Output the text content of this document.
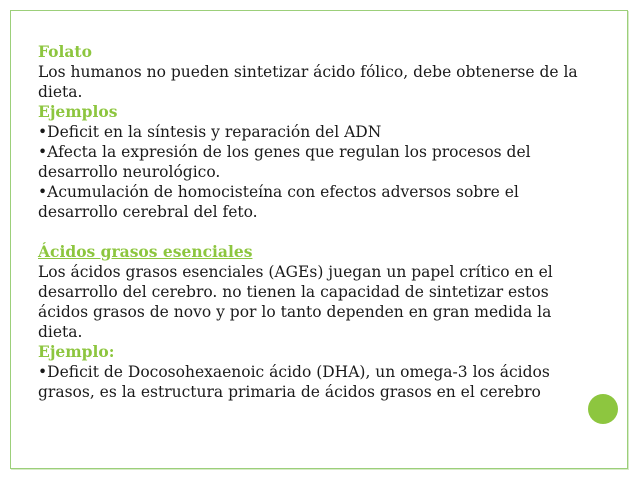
Folato

Los humanos no pueden sintetizar ácido fólico, debe obtenerse de la dieta.

Ejemplos

•Deficit en la síntesis y reparación del ADN

•Afecta la expresión de los genes que regulan los procesos del desarrollo neurológico.

•Acumulación de homocisteína con efectos adversos sobre el desarrollo cerebral del feto.

Ácidos grasos esenciales

Los ácidos grasos esenciales (AGEs) juegan un papel crítico en el desarrollo del cerebro. no tienen la capacidad de sintetizar estos ácidos grasos de novo y por lo tanto dependen en gran medida la dieta.

Ejemplo:

•Deficit de Docosohexaenoic ácido (DHA), un omega-3 los ácidos grasos, es la estructura primaria de ácidos grasos en el cerebro
